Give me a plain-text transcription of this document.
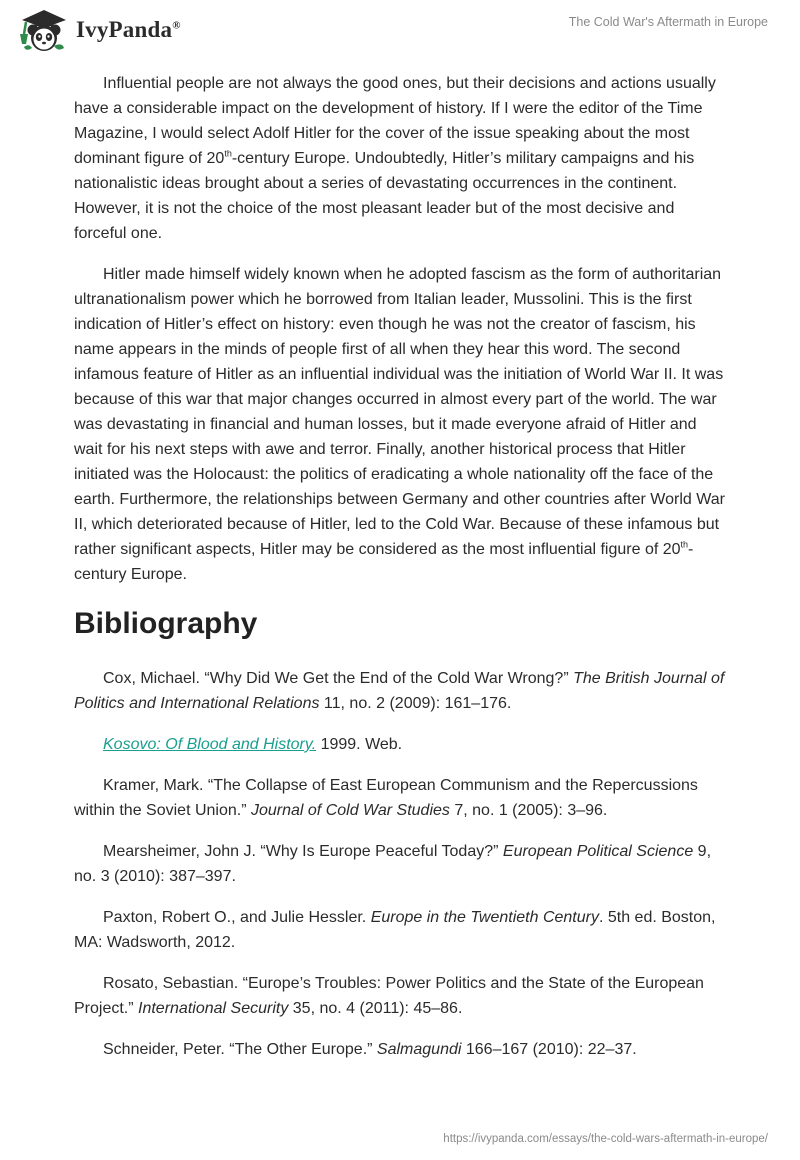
IvyPanda®	The Cold War's Aftermath in Europe

Influential people are not always the good ones, but their decisions and actions usually have a considerable impact on the development of history. If I were the editor of the Time Magazine, I would select Adolf Hitler for the cover of the issue speaking about the most dominant figure of 20th-century Europe. Undoubtedly, Hitler’s military campaigns and his nationalistic ideas brought about a series of devastating occurrences in the continent. However, it is not the choice of the most pleasant leader but of the most decisive and forceful one.

Hitler made himself widely known when he adopted fascism as the form of authoritarian ultranationalism power which he borrowed from Italian leader, Mussolini. This is the first indication of Hitler’s effect on history: even though he was not the creator of fascism, his name appears in the minds of people first of all when they hear this word. The second infamous feature of Hitler as an influential individual was the initiation of World War II. It was because of this war that major changes occurred in almost every part of the world. The war was devastating in financial and human losses, but it made everyone afraid of Hitler and wait for his next steps with awe and terror. Finally, another historical process that Hitler initiated was the Holocaust: the politics of eradicating a whole nationality off the face of the earth. Furthermore, the relationships between Germany and other countries after World War II, which deteriorated because of Hitler, led to the Cold War. Because of these infamous but rather significant aspects, Hitler may be considered as the most influential figure of 20th-century Europe.

Bibliography

Cox, Michael. “Why Did We Get the End of the Cold War Wrong?” The British Journal of Politics and International Relations 11, no. 2 (2009): 161–176.

Kosovo: Of Blood and History. 1999. Web.

Kramer, Mark. “The Collapse of East European Communism and the Repercussions within the Soviet Union.” Journal of Cold War Studies 7, no. 1 (2005): 3–96.

Mearsheimer, John J. “Why Is Europe Peaceful Today?” European Political Science 9, no. 3 (2010): 387–397.

Paxton, Robert O., and Julie Hessler. Europe in the Twentieth Century. 5th ed. Boston, MA: Wadsworth, 2012.

Rosato, Sebastian. “Europe’s Troubles: Power Politics and the State of the European Project.” International Security 35, no. 4 (2011): 45–86.

Schneider, Peter. “The Other Europe.” Salmagundi 166–167 (2010): 22–37.

https://ivypanda.com/essays/the-cold-wars-aftermath-in-europe/
